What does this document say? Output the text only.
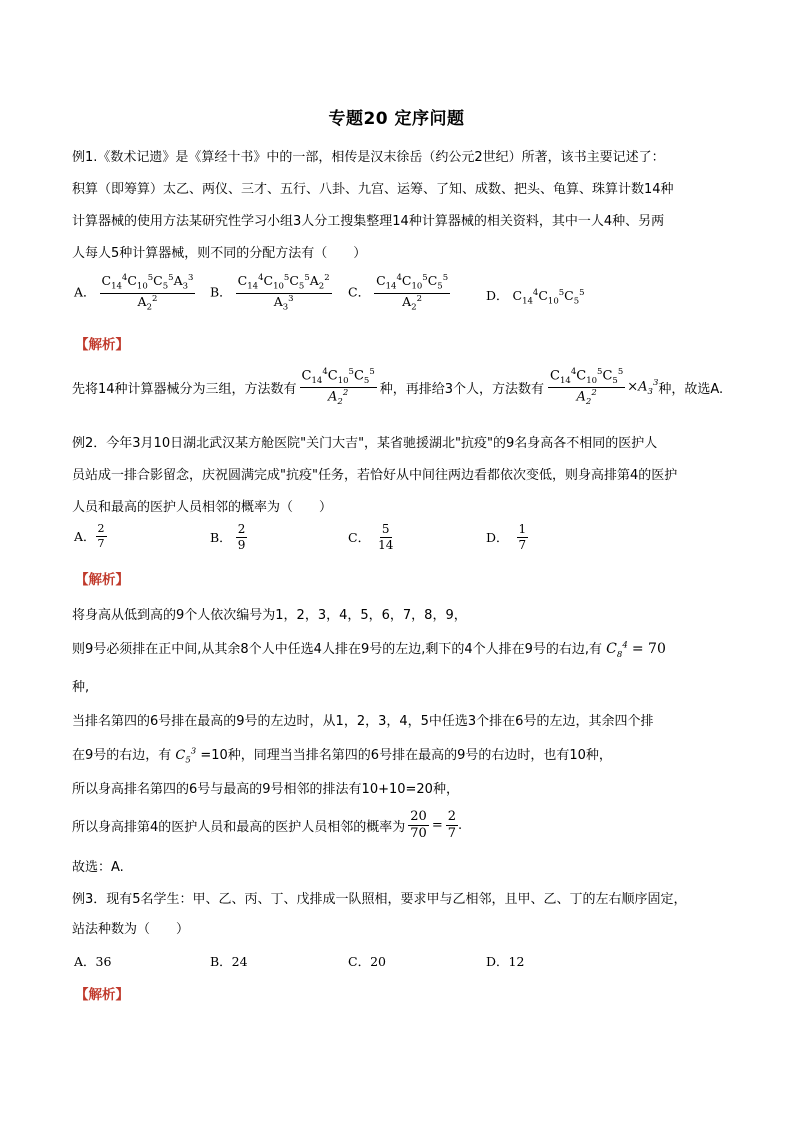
专题20 定序问题
例1.《数术记遗》是《算经十书》中的一部，相传是汉末徐岳（约公元2世纪）所著，该书主要记述了：
积算（即筹算）太乙、两仪、三才、五行、八卦、九宫、运筹、了知、成数、把头、龟算、珠算计数14种
计算器械的使用方法某研究性学习小组3人分工搜集整理14种计算器械的相关资料，其中一人4种、另两
人每人5种计算器械，则不同的分配方法有（　　）
A． $\frac{C_{14}^4C_{10}^5C_5^5A_3^3}{A_2^2}$ B． $\frac{C_{14}^4C_{10}^5C_5^5A_2^2}{A_3^3}$ C． $\frac{C_{14}^4C_{10}^5C_5^5}{A_2^2}$	D． $C_{14}^4C_{10}^5C_5^5$
【解析】
先将14种计算器械分为三组，方法数有 $\frac{C_{14}^4C_{10}^5C_5^5}{A_2^2}$ 种，再排给3个人，方法数有 $\frac{C_{14}^4C_{10}^5C_5^5}{A_2^2} \times A_3^3$ 种，故选A.
例2．今年3月10日湖北武汉某方舱医院"关门大吉"，某省驰援湖北"抗疫"的9名身高各不相同的医护人
员站成一排合影留念，庆祝圆满完成"抗疫"任务，若恰好从中间往两边看都依次变低，则身高排第4的医护
人员和最高的医护人员相邻的概率为（　　）
A． $\frac{2}{7}$	B． $\frac{2}{9}$	C． $\frac{5}{14}$	D． $\frac{1}{7}$
【解析】
将身高从低到高的9个人依次编号为1，2，3，4，5，6，7，8，9，
则9号必须排在正中间,从其余8个人中任选4人排在9号的左边,剩下的4个人排在9号的右边,有 $C_8^4 = 70$
种,
当排名第四的6号排在最高的9号的左边时，从1，2，3，4，5中任选3个排在6号的左边，其余四个排
在9号的右边，有 $C_5^3 =10$种，同理当当排名第四的6号排在最高的9号的右边时，也有10种，
所以身高排名第四的6号与最高的9号相邻的排法有10+10=20种，
所以身高排第4的医护人员和最高的医护人员相邻的概率为 $\frac{20}{70} = \frac{2}{7}$ .
故选：A.
例3．现有5名学生：甲、乙、丙、丁、戊排成一队照相，要求甲与乙相邻，且甲、乙、丁的左右顺序固定，
站法种数为（　　）
A．36	B．24	C．20	D．12
【解析】
